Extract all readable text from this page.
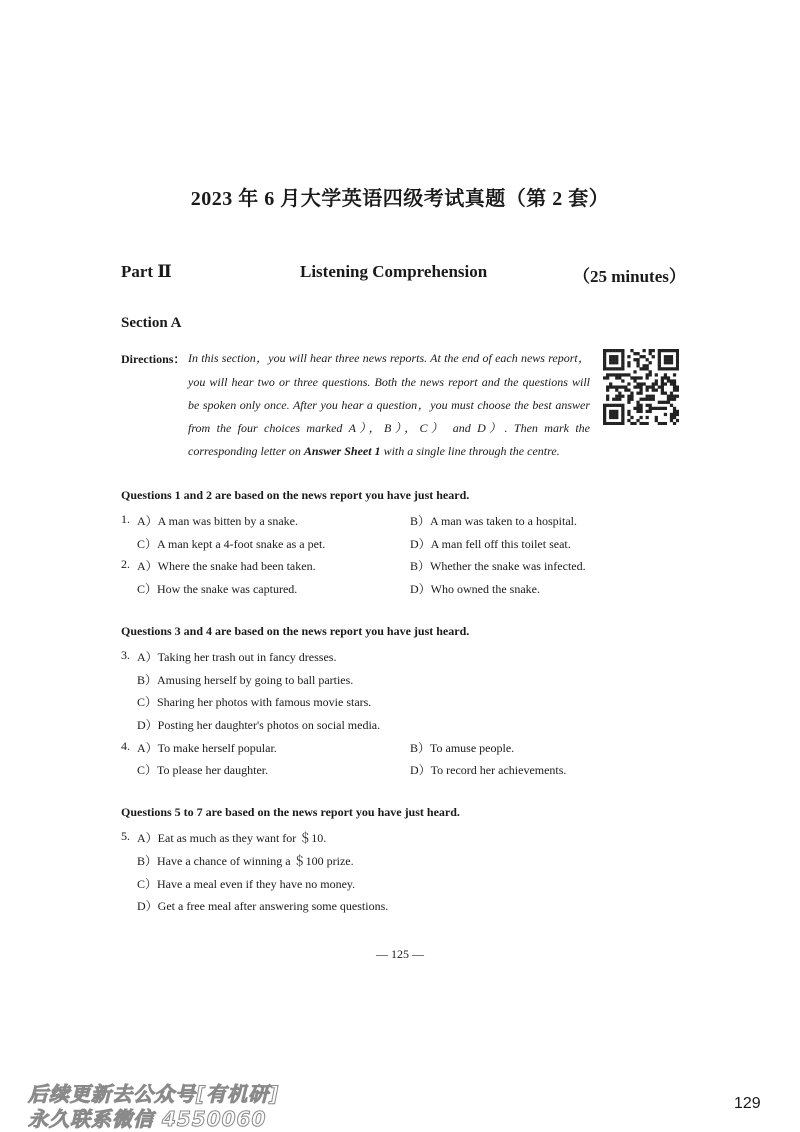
2023 年 6 月大学英语四级考试真题（第 2 套）
Part Ⅱ	Listening Comprehension	（25 minutes）
Section A
Directions： In this section，you will hear three news reports. At the end of each news report，
you will hear two or three questions. Both the news report and the questions will
be spoken only once. After you hear a question，you must choose the best answer
from the four choices marked A），B），C） and D）. Then mark the
corresponding letter on Answer Sheet 1 with a single line through the centre.
Questions 1 and 2 are based on the news report you have just heard.
1. A）A man was bitten by a snake.	B）A man was taken to a hospital.
C）A man kept a 4-foot snake as a pet.	D）A man fell off this toilet seat.
2. A）Where the snake had been taken.	B）Whether the snake was infected.
C）How the snake was captured.	D）Who owned the snake.
Questions 3 and 4 are based on the news report you have just heard.
3. A）Taking her trash out in fancy dresses.
B）Amusing herself by going to ball parties.
C）Sharing her photos with famous movie stars.
D）Posting her daughter's photos on social media.
4. A）To make herself popular.	B）To amuse people.
C）To please her daughter.	D）To record her achievements.
Questions 5 to 7 are based on the news report you have just heard.
5. A）Eat as much as they want for ＄10.
B）Have a chance of winning a ＄100 prize.
C）Have a meal even if they have no money.
D）Get a free meal after answering some questions.
— 125 —
后续更新去公众号[有机研]
永久联系微信 4550060
129
